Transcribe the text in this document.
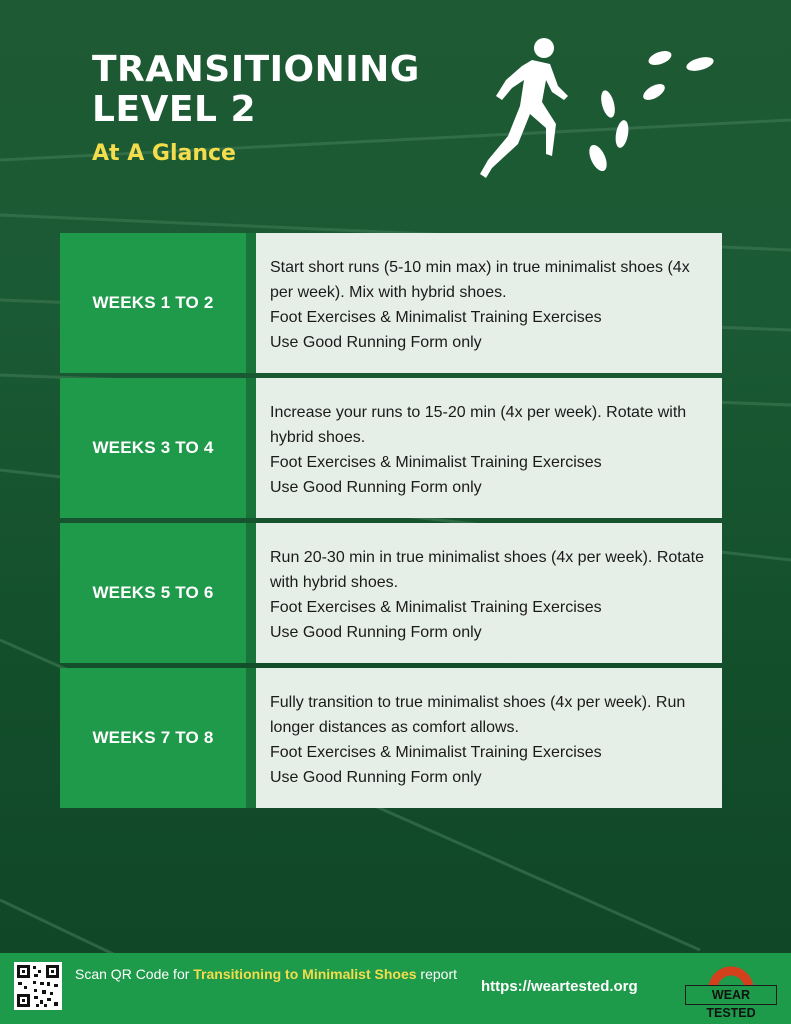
TRANSITIONING
LEVEL 2
At A Glance
WEEKS 1 TO 2

Start short runs (5-10 min max) in true minimalist shoes (4x per week). Mix with hybrid shoes.

Foot Exercises & Minimalist Training Exercises

Use Good Running Form only

WEEKS 3 TO 4

Increase your runs to 15-20 min (4x per week). Rotate with hybrid shoes.

Foot Exercises & Minimalist Training Exercises

Use Good Running Form only

WEEKS 5 TO 6

Run 20-30 min in true minimalist shoes (4x per week). Rotate with hybrid shoes.

Foot Exercises & Minimalist Training Exercises

Use Good Running Form only

WEEKS 7 TO 8

Fully transition to true minimalist shoes (4x per week). Run longer distances as comfort allows.

Foot Exercises & Minimalist Training Exercises

Use Good Running Form only

Scan QR Code for Transitioning to Minimalist Shoes report
https://weartested.org	WEAR TESTED
